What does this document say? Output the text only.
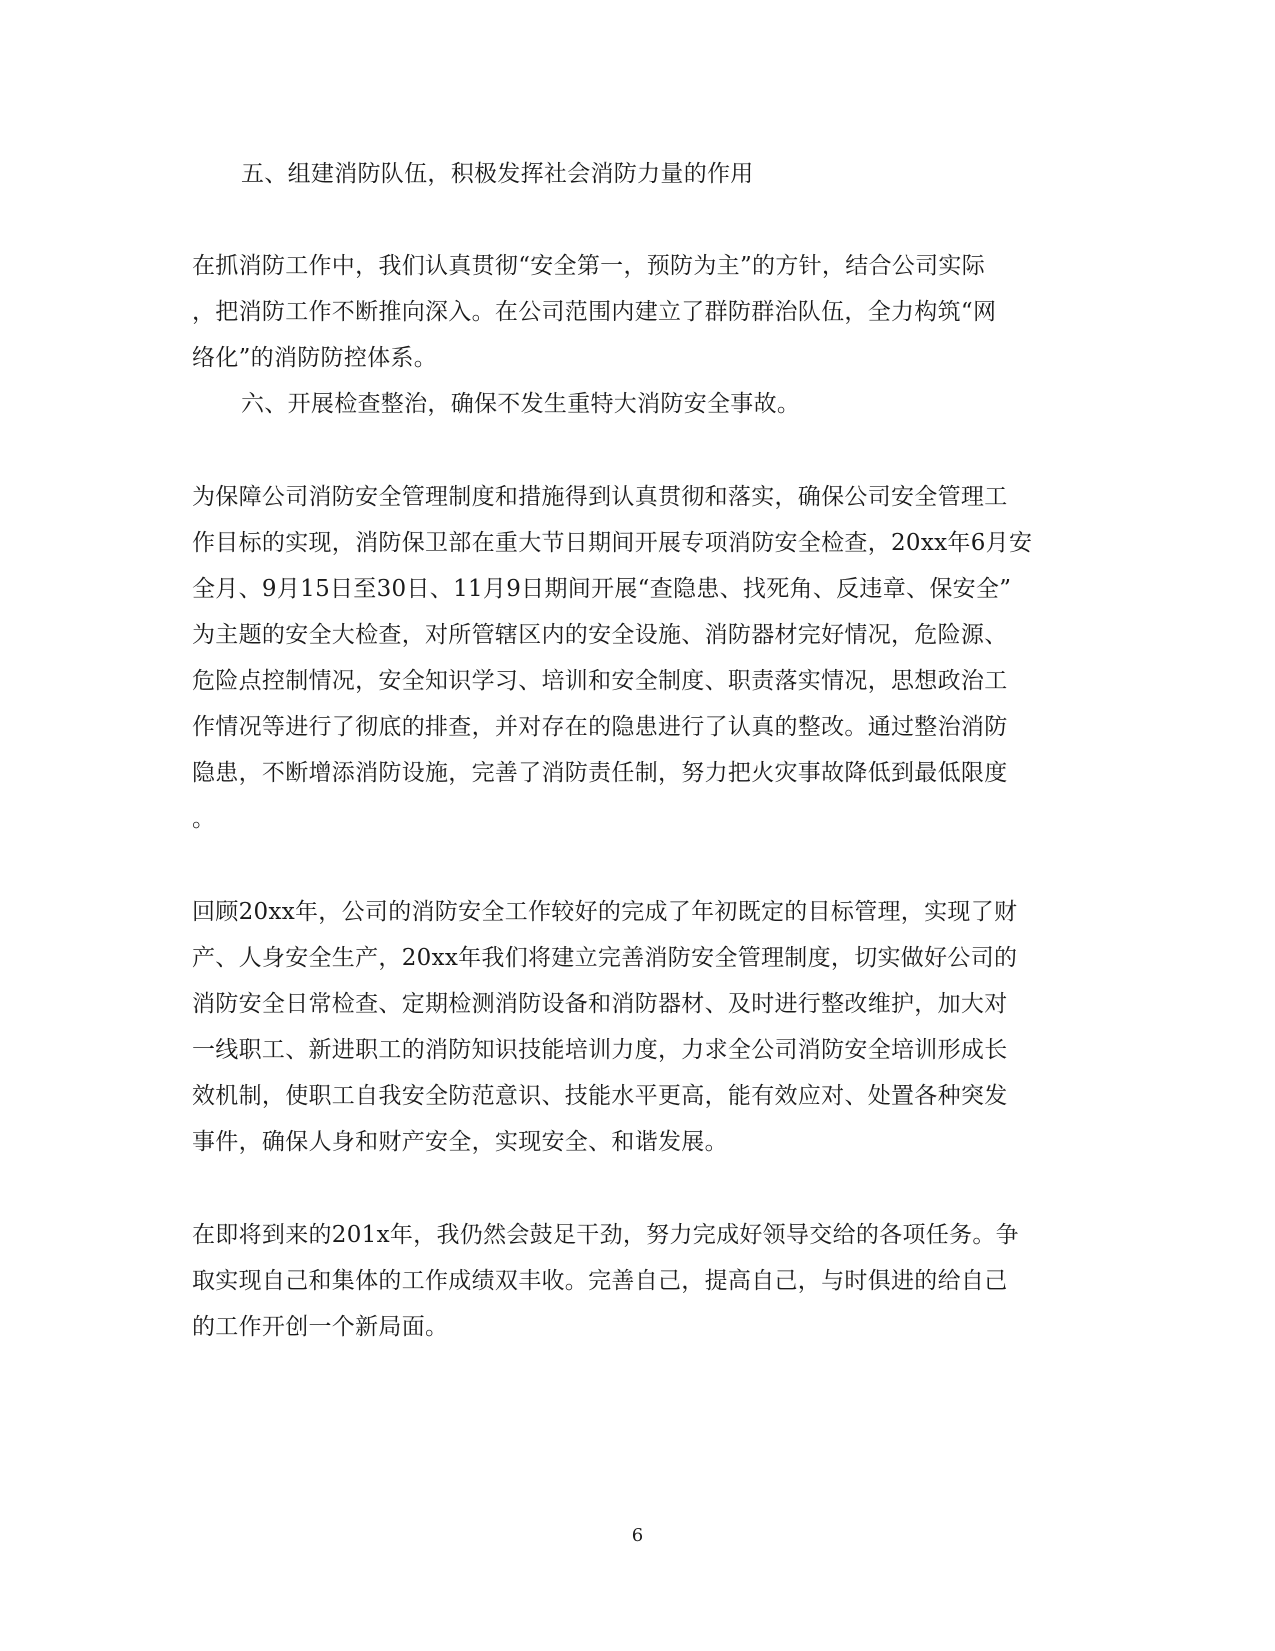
五、组建消防队伍，积极发挥社会消防力量的作用
在抓消防工作中，我们认真贯彻“安全第一，预防为主”的方针，结合公司实际
，把消防工作不断推向深入。在公司范围内建立了群防群治队伍，全力构筑“网
络化”的消防防控体系。
六、开展检查整治，确保不发生重特大消防安全事故。
为保障公司消防安全管理制度和措施得到认真贯彻和落实，确保公司安全管理工
作目标的实现，消防保卫部在重大节日期间开展专项消防安全检查，20xx年6月安
全月、9月15日至30日、11月9日期间开展“查隐患、找死角、反违章、保安全”
为主题的安全大检查，对所管辖区内的安全设施、消防器材完好情况，危险源、
危险点控制情况，安全知识学习、培训和安全制度、职责落实情况，思想政治工
作情况等进行了彻底的排查，并对存在的隐患进行了认真的整改。通过整治消防
隐患，不断增添消防设施，完善了消防责任制，努力把火灾事故降低到最低限度
。
回顾20xx年，公司的消防安全工作较好的完成了年初既定的目标管理，实现了财
产、人身安全生产，20xx年我们将建立完善消防安全管理制度，切实做好公司的
消防安全日常检查、定期检测消防设备和消防器材、及时进行整改维护，加大对
一线职工、新进职工的消防知识技能培训力度，力求全公司消防安全培训形成长
效机制，使职工自我安全防范意识、技能水平更高，能有效应对、处置各种突发
事件，确保人身和财产安全，实现安全、和谐发展。
在即将到来的201x年，我仍然会鼓足干劲，努力完成好领导交给的各项任务。争
取实现自己和集体的工作成绩双丰收。完善自己，提高自己，与时俱进的给自己
的工作开创一个新局面。
6
